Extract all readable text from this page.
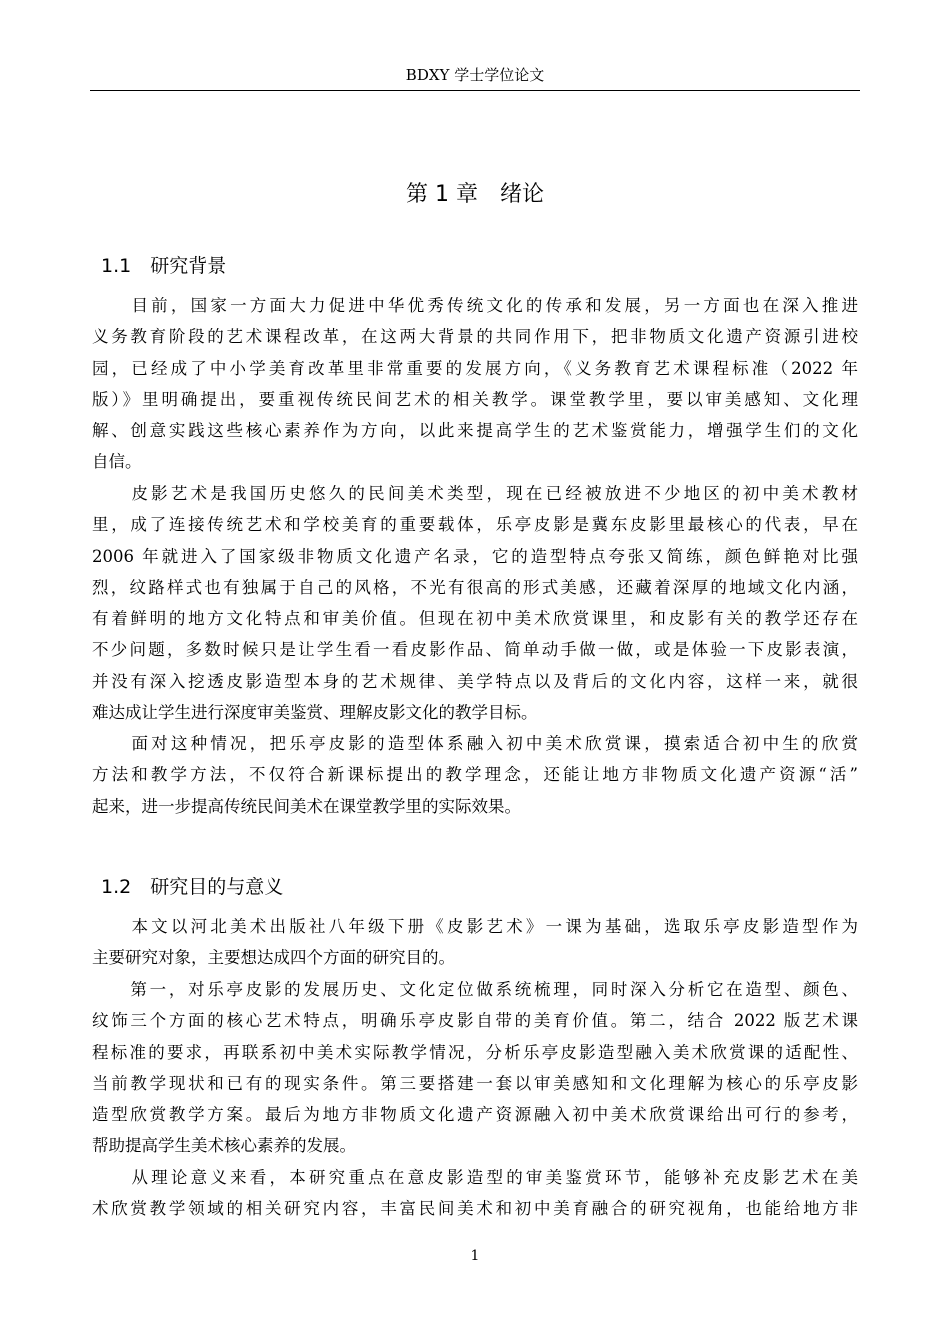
BDXY 学士学位论文
第 1 章　绪论
1.1　研究背景
　　目前，国家一方面大力促进中华优秀传统文化的传承和发展，另一方面也在深入推进
义务教育阶段的艺术课程改革，在这两大背景的共同作用下，把非物质文化遗产资源引进校
园，已经成了中小学美育改革里非常重要的发展方向，《义务教育艺术课程标准（2022 年
版）》里明确提出，要重视传统民间艺术的相关教学。课堂教学里，要以审美感知、文化理
解、创意实践这些核心素养作为方向，以此来提高学生的艺术鉴赏能力，增强学生们的文化
自信。
　　皮影艺术是我国历史悠久的民间美术类型，现在已经被放进不少地区的初中美术教材
里，成了连接传统艺术和学校美育的重要载体，乐亭皮影是冀东皮影里最核心的代表，早在
2006 年就进入了国家级非物质文化遗产名录，它的造型特点夸张又简练，颜色鲜艳对比强
烈，纹路样式也有独属于自己的风格，不光有很高的形式美感，还藏着深厚的地域文化内涵，
有着鲜明的地方文化特点和审美价值。但现在初中美术欣赏课里，和皮影有关的教学还存在
不少问题，多数时候只是让学生看一看皮影作品、简单动手做一做，或是体验一下皮影表演，
并没有深入挖透皮影造型本身的艺术规律、美学特点以及背后的文化内容，这样一来，就很
难达成让学生进行深度审美鉴赏、理解皮影文化的教学目标。
　　面对这种情况，把乐亭皮影的造型体系融入初中美术欣赏课，摸索适合初中生的欣赏
方法和教学方法，不仅符合新课标提出的教学理念，还能让地方非物质文化遗产资源“活”
起来，进一步提高传统民间美术在课堂教学里的实际效果。
1.2　研究目的与意义
　　本文以河北美术出版社八年级下册《皮影艺术》一课为基础，选取乐亭皮影造型作为
主要研究对象，主要想达成四个方面的研究目的。
　　第一，对乐亭皮影的发展历史、文化定位做系统梳理，同时深入分析它在造型、颜色、
纹饰三个方面的核心艺术特点，明确乐亭皮影自带的美育价值。第二，结合 2022 版艺术课
程标准的要求，再联系初中美术实际教学情况，分析乐亭皮影造型融入美术欣赏课的适配性、
当前教学现状和已有的现实条件。第三要搭建一套以审美感知和文化理解为核心的乐亭皮影
造型欣赏教学方案。最后为地方非物质文化遗产资源融入初中美术欣赏课给出可行的参考，
帮助提高学生美术核心素养的发展。
　　从理论意义来看，本研究重点在意皮影造型的审美鉴赏环节，能够补充皮影艺术在美
术欣赏教学领域的相关研究内容，丰富民间美术和初中美育融合的研究视角，也能给地方非
1
